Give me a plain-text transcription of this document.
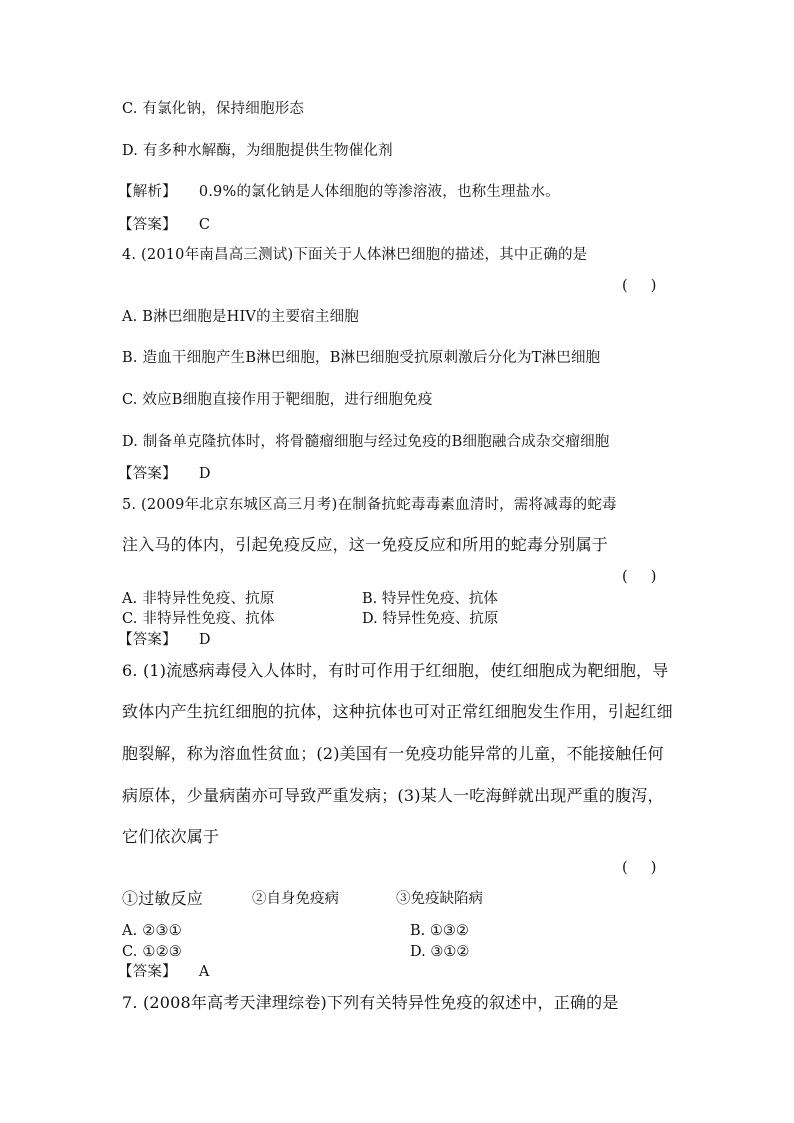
C. 有氯化钠，保持细胞形态
D. 有多种水解酶，为细胞提供生物催化剂
【解析】 0.9%的氯化钠是人体细胞的等渗溶液，也称生理盐水。
【答案】 C
4. (2010年南昌高三测试)下面关于人体淋巴细胞的描述，其中正确的是
(     )
A. B淋巴细胞是HIV的主要宿主细胞
B. 造血干细胞产生B淋巴细胞，B淋巴细胞受抗原刺激后分化为T淋巴细胞
C. 效应B细胞直接作用于靶细胞，进行细胞免疫
D. 制备单克隆抗体时，将骨髓瘤细胞与经过免疫的B细胞融合成杂交瘤细胞
【答案】 D
5. (2009年北京东城区高三月考)在制备抗蛇毒毒素血清时，需将减毒的蛇毒
注入马的体内，引起免疫反应，这一免疫反应和所用的蛇毒分别属于
(     )
A. 非特异性免疫、抗原	B. 特异性免疫、抗体
C. 非特异性免疫、抗体	D. 特异性免疫、抗原
【答案】 D
6. (1)流感病毒侵入人体时，有时可作用于红细胞，使红细胞成为靶细胞，导
致体内产生抗红细胞的抗体，这种抗体也可对正常红细胞发生作用，引起红细
胞裂解，称为溶血性贫血；(2)美国有一免疫功能异常的儿童，不能接触任何
病原体，少量病菌亦可导致严重发病；(3)某人一吃海鲜就出现严重的腹泻，
它们依次属于
(     )
①过敏反应	②自身免疫病	③免疫缺陷病
A. ②③①	B. ①③②
C. ①②③	D. ③①②
【答案】 A
7. (2008年高考天津理综卷)下列有关特异性免疫的叙述中，正确的是
